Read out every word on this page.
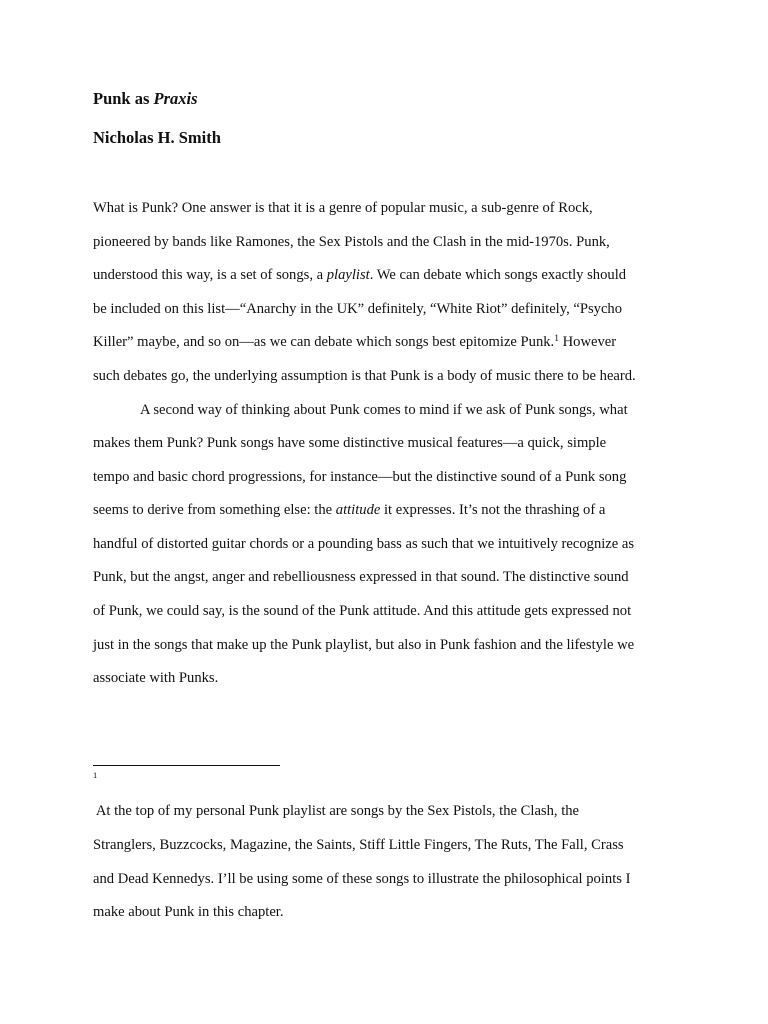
Punk as Praxis
Nicholas H. Smith
What is Punk? One answer is that it is a genre of popular music, a sub-genre of Rock,
pioneered by bands like Ramones, the Sex Pistols and the Clash in the mid-1970s. Punk,
understood this way, is a set of songs, a playlist. We can debate which songs exactly should
be included on this list—“Anarchy in the UK” definitely, “White Riot” definitely, “Psycho
Killer” maybe, and so on—as we can debate which songs best epitomize Punk.$^1$ However
such debates go, the underlying assumption is that Punk is a body of music there to be heard.
A second way of thinking about Punk comes to mind if we ask of Punk songs, what
makes them Punk? Punk songs have some distinctive musical features—a quick, simple
tempo and basic chord progressions, for instance—but the distinctive sound of a Punk song
seems to derive from something else: the attitude it expresses. It’s not the thrashing of a
handful of distorted guitar chords or a pounding bass as such that we intuitively recognize as
Punk, but the angst, anger and rebelliousness expressed in that sound. The distinctive sound
of Punk, we could say, is the sound of the Punk attitude. And this attitude gets expressed not
just in the songs that make up the Punk playlist, but also in Punk fashion and the lifestyle we
associate with Punks.
1
At the top of my personal Punk playlist are songs by the Sex Pistols, the Clash, the
Stranglers, Buzzcocks, Magazine, the Saints, Stiff Little Fingers, The Ruts, The Fall, Crass
and Dead Kennedys. I’ll be using some of these songs to illustrate the philosophical points I
make about Punk in this chapter.
